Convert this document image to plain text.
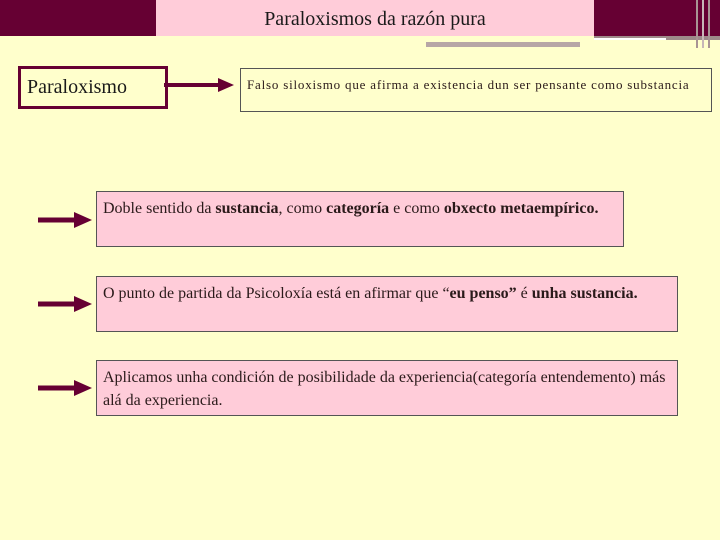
Paraloxismos da razón pura
Paraloxismo	Falso siloxismo que afirma a existencia dun ser pensante como substancia
Doble sentido da sustancia, como categoría e como obxecto metaempírico.
O punto de partida da Psicoloxía está en afirmar que “eu penso” é unha sustancia.
Aplicamos unha condición de posibilidade da experiencia(categoría entendemento) más alá da experiencia.
